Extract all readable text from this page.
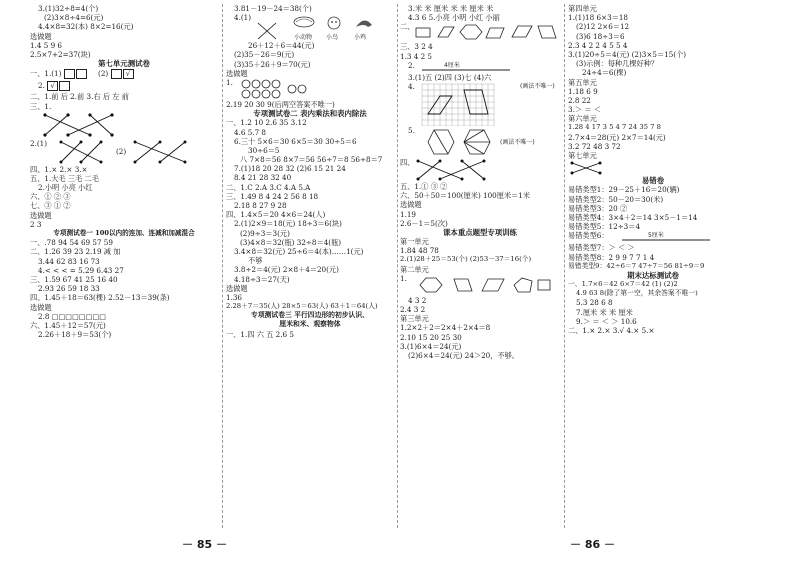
3.(1)32÷8=4(个)
(2)3×8÷4=6(元)
4.4×8=32(本) 8×2=16(元)
选做题
1.4 5 9 6
2.5×7+2=37(块)
第七单元测试卷
一、1.(1)	(2)	√
2. √
二、1.前 后 2.前 3.右 后 左 前
三、1.
2.(1)
(2)
四、1.× 2.× 3.×
五、1.大毛 三毛 二毛
2.小明 小亮 小红
六、① ② ③
七、③ ① ②
选做题
2 3
专项测试卷一 100以内的连加、连减和加减混合
一、.78 94 54 69 57 59
二、1.26 39 23 2.19 减 加
3.44 62 83 16 73
4.< < < = 5.29 6.43 27
三、1.59 67 41 25 16 40
2.93 26 59 18 33
四、1.45＋18＝63(棵) 2.52－13＝39(条)
选做题
2.8 □□□□□□□□
六、1.45＋12＝57(元)
2.26＋18＋9＝53(个)
3.81－19－24＝38(个)
4.(1)
小动物 小鸟	小鸡
26＋12＋6＝44(元)
(2)35－26＝9(元)
(3)35＋26＋9＝70(元)
选做题
1.
2.19 20 30 9(后两空答案不唯一)
专项测试卷二 表内乘法和表内除法
一、1.2 10 2.6 35 3.12
4.6 5.7 8
6.三十 5×6＝30 6×5＝30 30÷5＝6
30÷6＝5
八 7×8＝56 8×7＝56 56÷7＝8 56÷8＝7
7.(1)18 20 28 32 (2)6 15 21 24
8.4 21 28 32 40
二、1.C 2.A 3.C 4.A 5.A
三、1.49 8 4 24 2 56 8 18
2.18 8 27 9 28
四、1.4×5＝20 4×6＝24(人)
2.(1)2×9＝18(元) 18÷3＝6(块)
(2)9÷3＝3(元)
(3)4×8＝32(瓶) 32÷8＝4(瓶)
3.4×8＝32(元) 25÷6＝4(本)……1(元)
不够
3.8÷2＝4(元) 2×8＋4＝20(元)
4.18÷3＝27(天)
选做题
1.36
2.28＋7＝35(人) 28×5＝63(人) 63＋1＝64(人)
专项测试卷三 平行四边形的初步认识、
厘米和米、观察物体
一、1.四 六 五 2.6 5
3.米 米 厘米 米 米 厘米 米
4.3 6 5.小亮 小明 小红 小丽
二、
三、3 2 4
1.3 4 2 5
2.	4厘米
3.(1)五 (2)四 (3)七 (4)六
4.	(画法不唯一)
5.
(画法不唯一)
四、
五、1.① ③ ②
六、50＋50＝100(厘米) 100厘米＝1米
选做题
1.19
2.6－1＝5(次)
课本重点题型专项训练
第一单元
1.84 48 78
2.(1)28＋25＝53(个) (2)53－37＝16(个)
第二单元
1.
4 3 2
2.4 3 2
第三单元
1.2×2＋2＝2×4＋2×4＝8
2.10 15 20 25 30
3.(1)6×4＝24(元)
(2)6×4＝24(元) 24＞20，不够。
第四单元
1.(1)18 6×3＝18
(2)12 2×6＝12
(3)6 18÷3＝6
2.3 4 2 2 4 5 5 4
3.(1)20÷5＝4(元) (2)3×5＝15(个)
(3)示例：每种几棵好种？
24÷4＝6(棵)
第五单元
1.18 6 9
2.8 22
3.＞ ＝ ＜
第六单元
1.28 4 17 3 5 4 7 24 35 7 8
2.7×4＝28(元) 2×7＝14(元)
3.2 72 48 3 72
第七单元
易错卷
易错类型1：29－25＋16＝20(辆)
易错类型2：50－20＝30(米)
易错类型3：20 ②
易错类型4：3×4＋2＝14 3×5－1＝14
易错类型5：12÷3＝4
易错类型6：	5厘米
易错类型7：＞ ＜ ＞
易错类型8：2 9 9 7 7 1 4
易错类型9：42÷6＝7 47÷7＝56 81÷9＝9
期末达标测试卷
一、1.7×6＝42 6×7＝42 (1) (2)2
4.9 63 8(除了第一空，其余答案不唯一)
5.3 28 6 8
7.厘米 米 米 厘米
9.＞ ＝ ＜ ＞ 10.6
二、1.× 2.× 3.√ 4.× 5.×
－ 85 －	－ 86 －
